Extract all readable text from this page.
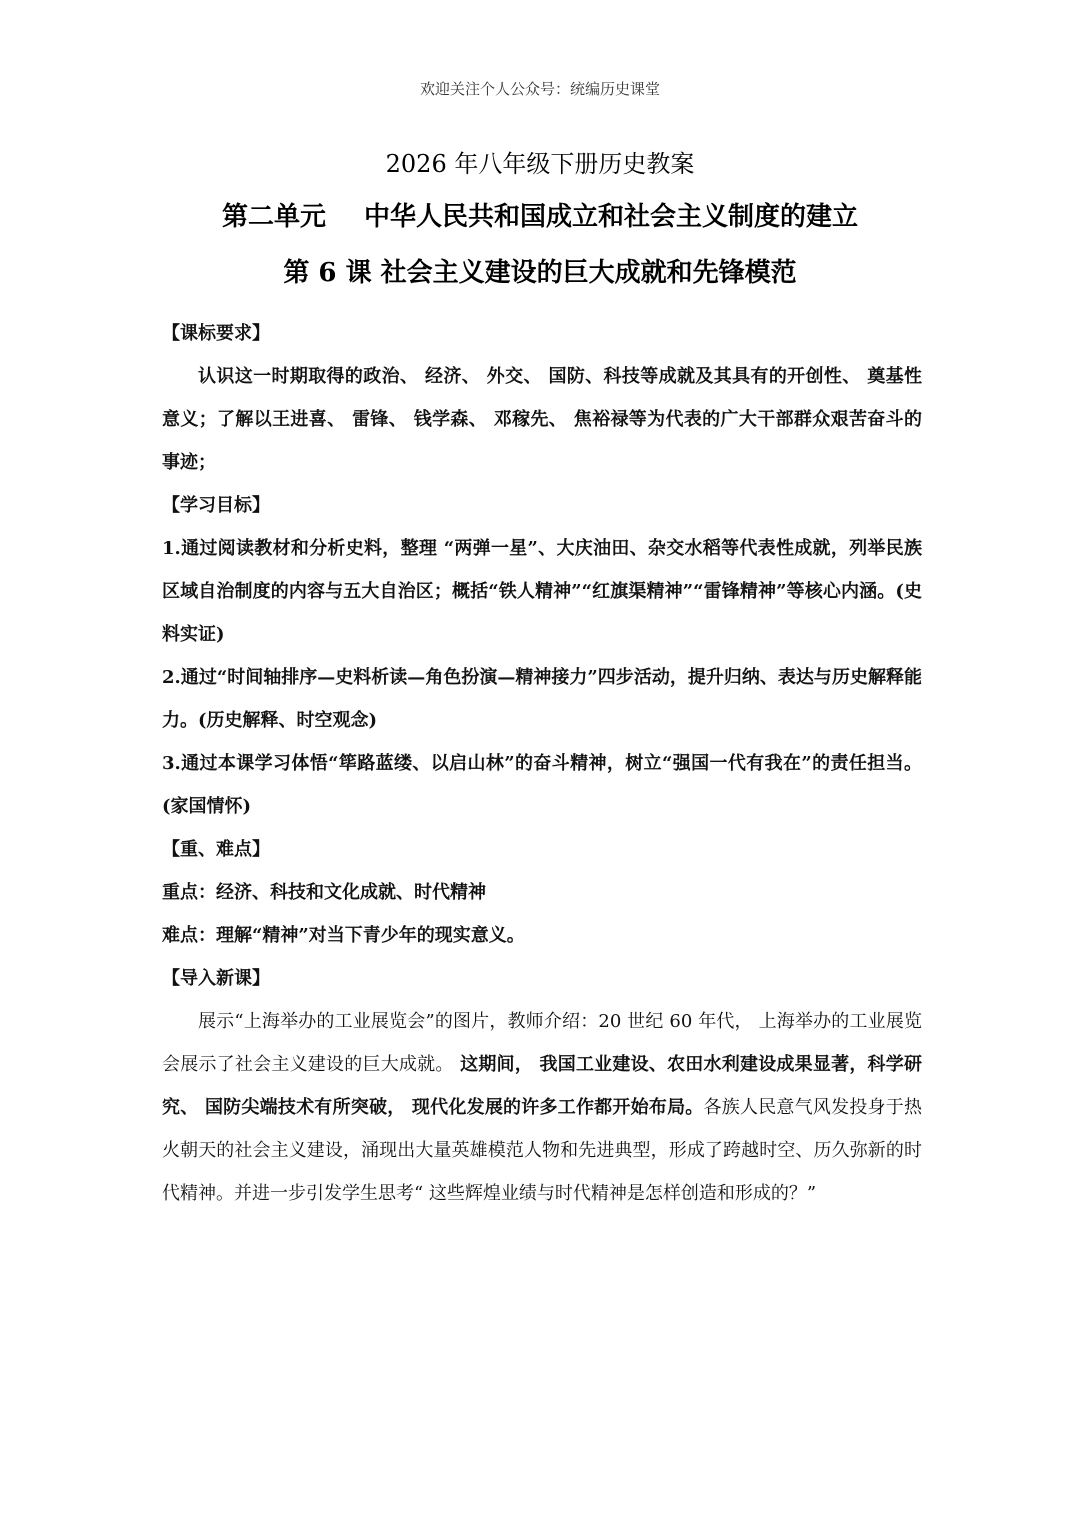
欢迎关注个人公众号：统编历史课堂
2026 年八年级下册历史教案
第二单元 中华人民共和国成立和社会主义制度的建立
第 6 课 社会主义建设的巨大成就和先锋模范

【课标要求】

认识这一时期取得的政治、 经济、 外交、 国防、科技等成就及其具有的开创性、 奠基性意义；了解以王进喜、 雷锋、 钱学森、 邓稼先、 焦裕禄等为代表的广大干部群众艰苦奋斗的事迹；

【学习目标】

1.通过阅读教材和分析史料，整理 “两弹一星”、大庆油田、杂交水稻等代表性成就，列举民族区域自治制度的内容与五大自治区；概括“铁人精神”“红旗渠精神”“雷锋精神”等核心内涵。(史料实证)

2.通过“时间轴排序—史料析读—角色扮演—精神接力”四步活动，提升归纳、表达与历史解释能力。(历史解释、时空观念)

3.通过本课学习体悟“筚路蓝缕、以启山林”的奋斗精神，树立“强国一代有我在”的责任担当。(家国情怀)

【重、难点】

重点：经济、科技和文化成就、时代精神

难点：理解“精神”对当下青少年的现实意义。

【导入新课】

展示“上海举办的工业展览会”的图片，教师介绍：20 世纪 60 年代， 上海举办的工业展览会展示了社会主义建设的巨大成就。 这期间， 我国工业建设、农田水利建设成果显著，科学研究、 国防尖端技术有所突破， 现代化发展的许多工作都开始布局。各族人民意气风发投身于热火朝天的社会主义建设，涌现出大量英雄模范人物和先进典型，形成了跨越时空、历久弥新的时代精神。并进一步引发学生思考“ 这些辉煌业绩与时代精神是怎样创造和形成的？”
